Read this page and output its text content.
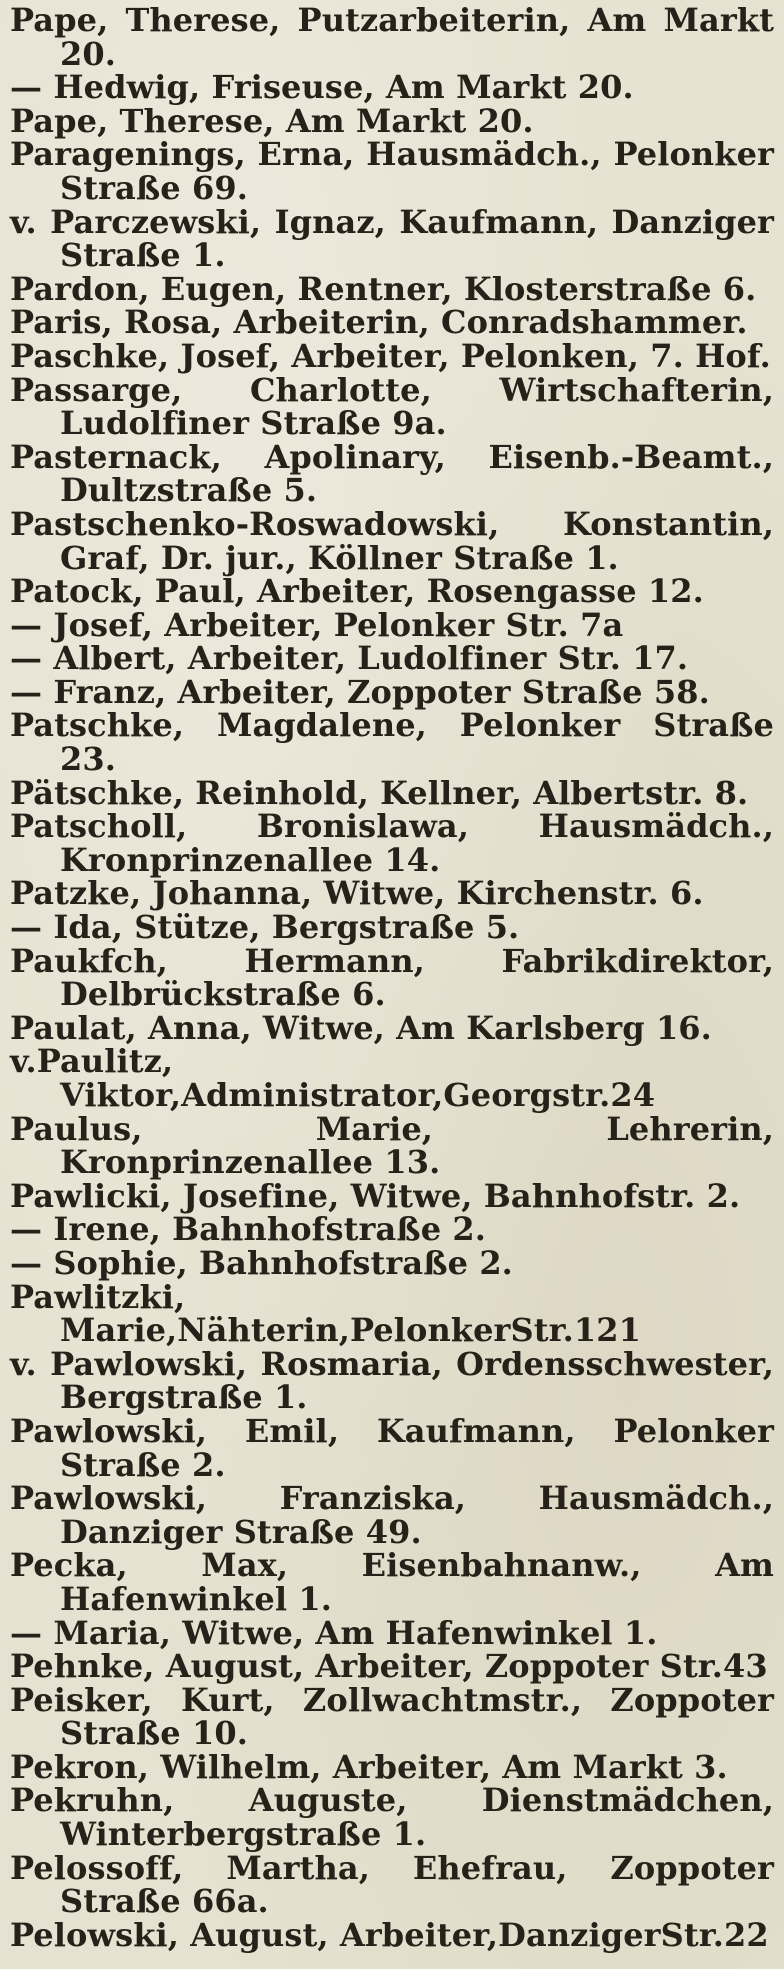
Pape, Therese, Putzarbeiterin, Am Markt 20.
— Hedwig, Friseuse, Am Markt 20.
Pape, Therese, Am Markt 20.
Paragenings, Erna, Hausmädch., Pelonker Straße 69.
v. Parczewski, Ignaz, Kaufmann, Danziger Straße 1.
Pardon, Eugen, Rentner, Klosterstraße 6.
Paris, Rosa, Arbeiterin, Conradshammer.
Paschke, Josef, Arbeiter, Pelonken, 7. Hof.
Passarge, Charlotte, Wirtschafterin, Ludolfiner Straße 9a.
Pasternack, Apolinary, Eisenb.-Beamt., Dultzstraße 5.
Pastschenko-Roswadowski, Konstantin, Graf, Dr. jur., Köllner Straße 1.
Patock, Paul, Arbeiter, Rosengasse 12.
— Josef, Arbeiter, Pelonker Str. 7a
— Albert, Arbeiter, Ludolfiner Str. 17.
— Franz, Arbeiter, Zoppoter Straße 58.
Patschke, Magdalene, Pelonker Straße 23.
Pätschke, Reinhold, Kellner, Albertstr. 8.
Patscholl, Bronislawa, Hausmädch., Kronprinzenallee 14.
Patzke, Johanna, Witwe, Kirchenstr. 6.
— Ida, Stütze, Bergstraße 5.
Paukfch, Hermann, Fabrikdirektor, Delbrückstraße 6.
Paulat, Anna, Witwe, Am Karlsberg 16.
v.Paulitz, Viktor,Administrator,Georgstr.24
Paulus, Marie, Lehrerin, Kronprinzenallee 13.
Pawlicki, Josefine, Witwe, Bahnhofstr. 2.
— Irene, Bahnhofstraße 2.
— Sophie, Bahnhofstraße 2.
Pawlitzki, Marie,Nähterin,PelonkerStr.121
v. Pawlowski, Rosmaria, Ordensschwester, Bergstraße 1.
Pawlowski, Emil, Kaufmann, Pelonker Straße 2.
Pawlowski, Franziska, Hausmädch., Danziger Straße 49.
Pecka, Max, Eisenbahnanw., Am Hafenwinkel 1.
— Maria, Witwe, Am Hafenwinkel 1.
Pehnke, August, Arbeiter, Zoppoter Str.43
Peisker, Kurt, Zollwachtmstr., Zoppoter Straße 10.
Pekron, Wilhelm, Arbeiter, Am Markt 3.
Pekruhn, Auguste, Dienstmädchen, Winterbergstraße 1.
Pelossoff, Martha, Ehefrau, Zoppoter Straße 66a.
Pelowski, August, Arbeiter,DanzigerStr.22
